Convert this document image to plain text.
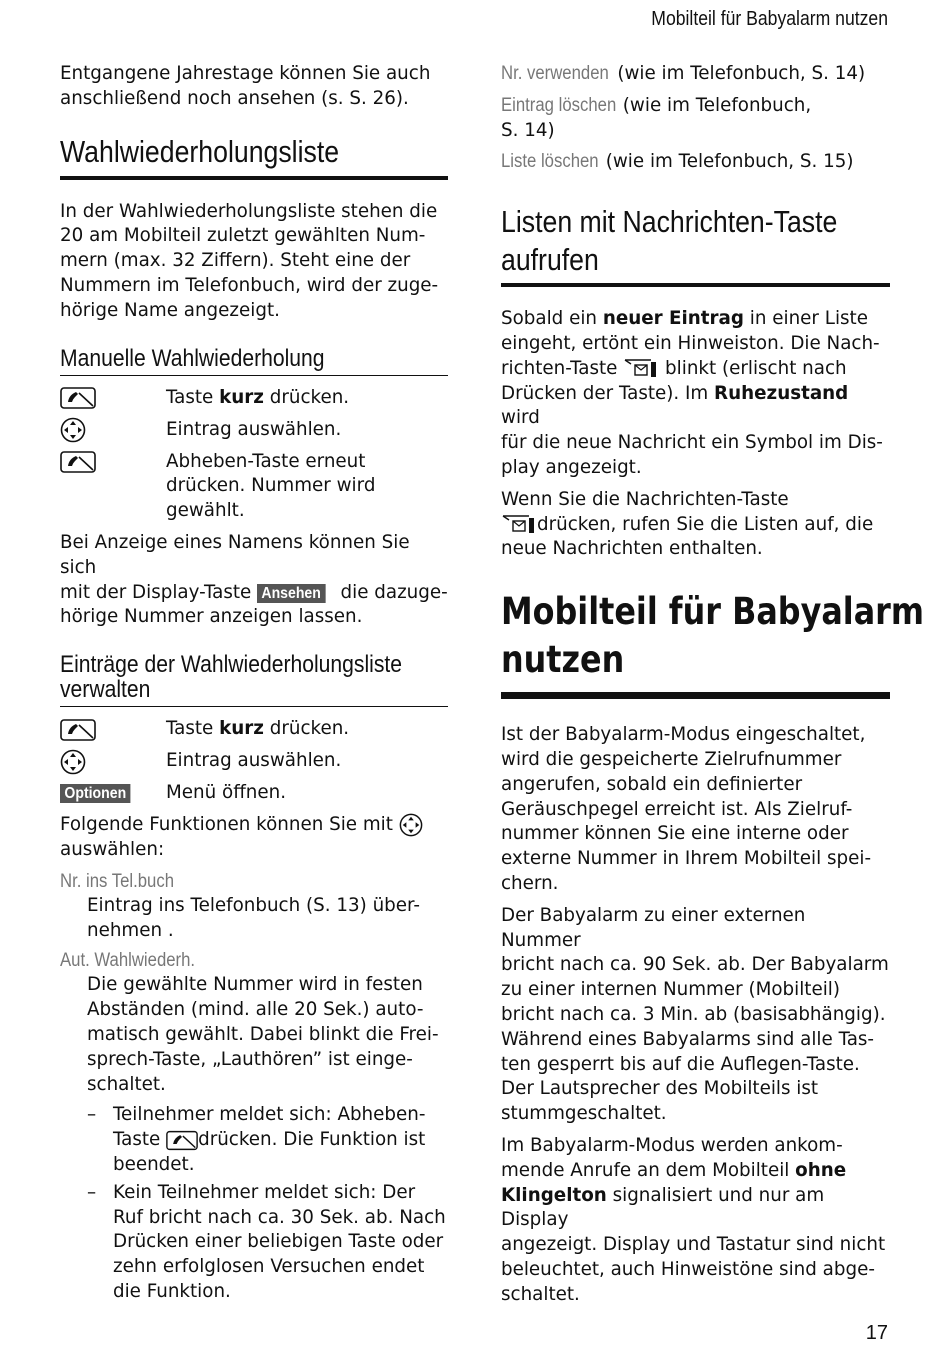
Mobilteil für Babyalarm nutzen

Entgangene Jahrestage können Sie auch
anschließend noch ansehen (s. S. 26).

Wahlwiederholungsliste

In der Wahlwiederholungsliste stehen die
20 am Mobilteil zuletzt gewählten Num-
mern (max. 32 Ziffern). Steht eine der
Nummern im Telefonbuch, wird der zuge-
hörige Name angezeigt.

Manuelle Wahlwiederholung
Taste kurz drücken.
Eintrag auswählen.
Abheben-Taste erneut
drücken. Nummer wird
gewählt.

Bei Anzeige eines Namens können Sie sich
mit der Display-Taste Ansehen die dazuge-
hörige Nummer anzeigen lassen.

Einträge der Wahlwiederholungsliste
verwalten
Taste kurz drücken.
Eintrag auswählen.
Optionen Menü öffnen.

Folgende Funktionen können Sie mit
auswählen:

Nr. ins Tel.buch

Eintrag ins Telefonbuch (S. 13) über-
nehmen .

Aut. Wahlwiederh.

Die gewählte Nummer wird in festen
Abständen (mind. alle 20 Sek.) auto-
matisch gewählt. Dabei blinkt die Frei-
sprech-Taste, „Lauthören” ist einge-
schaltet.

– Teilnehmer meldet sich: Abheben-
Taste drücken. Die Funktion ist
beendet.
– Kein Teilnehmer meldet sich: Der
Ruf bricht nach ca. 30 Sek. ab. Nach
Drücken einer beliebigen Taste oder
zehn erfolglosen Versuchen endet
die Funktion.

Nr. verwenden (wie im Telefonbuch, S. 14)

Eintrag löschen (wie im Telefonbuch,
S. 14)

Liste löschen (wie im Telefonbuch, S. 15)

Listen mit Nachrichten-Taste
aufrufen

Sobald ein neuer Eintrag in einer Liste
eingeht, ertönt ein Hinweiston. Die Nach-
richten-Taste  blinkt (erlischt nach
Drücken der Taste). Im Ruhezustand wird
für die neue Nachricht ein Symbol im Dis-
play angezeigt.

Wenn Sie die Nachrichten-Taste
drücken, rufen Sie die Listen auf, die
neue Nachrichten enthalten.

Mobilteil für Babyalarm
nutzen

Ist der Babyalarm-Modus eingeschaltet,
wird die gespeicherte Zielrufnummer
angerufen, sobald ein definierter
Geräuschpegel erreicht ist. Als Zielruf-
nummer können Sie eine interne oder
externe Nummer in Ihrem Mobilteil spei-
chern.

Der Babyalarm zu einer externen Nummer
bricht nach ca. 90 Sek. ab. Der Babyalarm
zu einer internen Nummer (Mobilteil)
bricht nach ca. 3 Min. ab (basisabhängig).
Während eines Babyalarms sind alle Tas-
ten gesperrt bis auf die Auflegen-Taste.
Der Lautsprecher des Mobilteils ist
stummgeschaltet.

Im Babyalarm-Modus werden ankom-
mende Anrufe an dem Mobilteil ohne
Klingelton signalisiert und nur am Display
angezeigt. Display und Tastatur sind nicht
beleuchtet, auch Hinweistöne sind abge-
schaltet.

17
